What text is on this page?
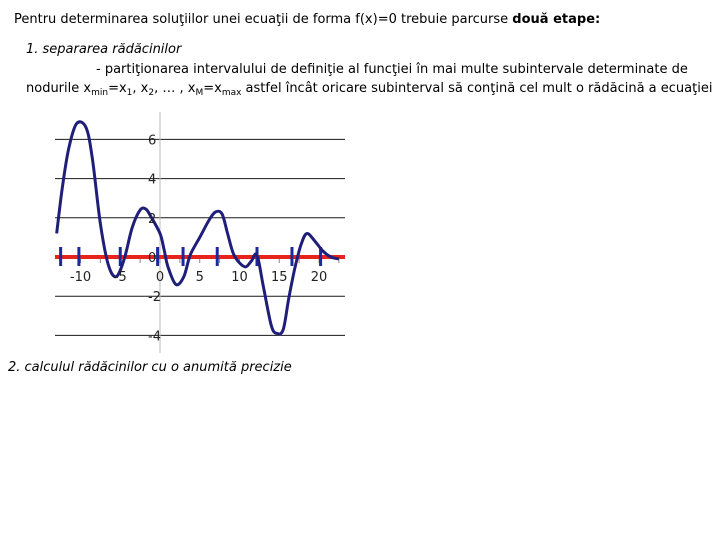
Pentru determinarea soluţiilor unei ecuaţii de forma f(x)=0 trebuie parcurse două etape:
1. separarea rădăcinilor
- partiţionarea intervalului de definiţie al funcţiei în mai multe subintervale determinate de
nodurile $x_{min}=x_1$, $x_2$, … , $x_M=x_{max}$ astfel încât oricare subinterval să conţină cel mult o rădăcină a ecuaţiei
6
4
2
0
-2
-4
-10 -5 0 5 10 15 20
2. calculul rădăcinilor cu o anumită precizie
